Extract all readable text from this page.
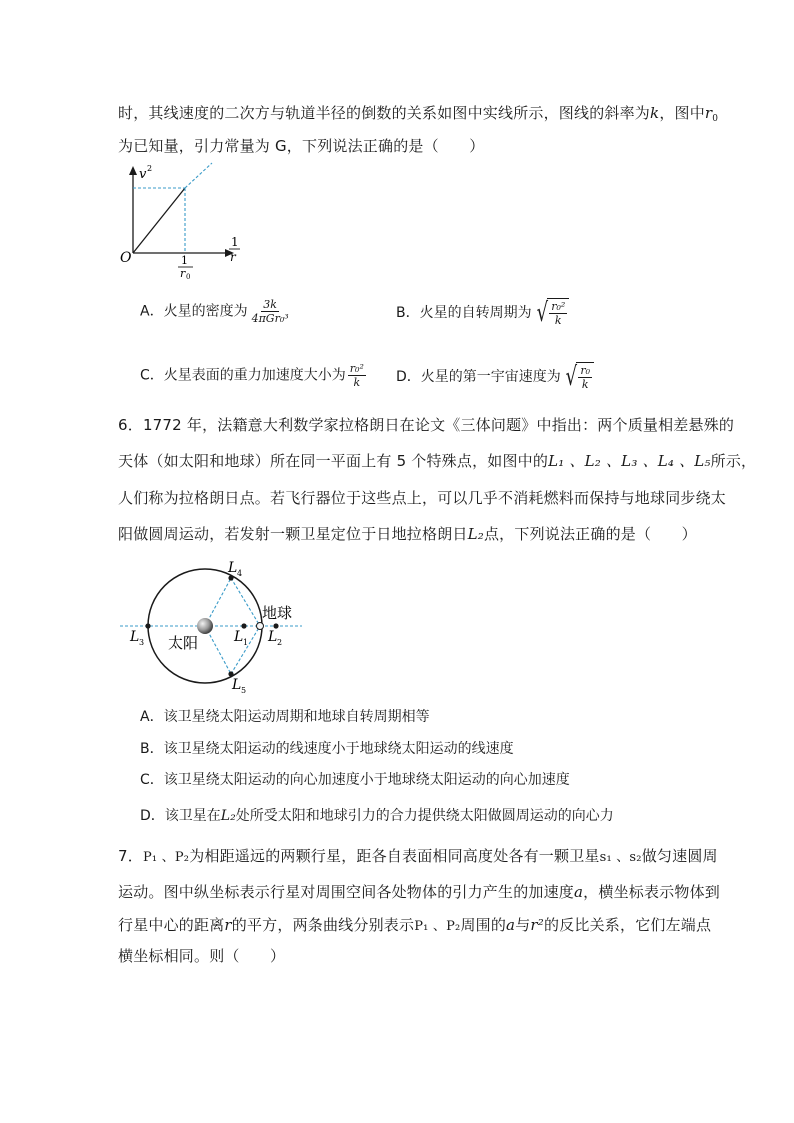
时，其线速度的二次方与轨道半径的倒数的关系如图中实线所示，图线的斜率为k，图中$r_0$
为已知量，引力常量为 G，下列说法正确的是（　　）
v 2
O
1
r
1
r 0
A．火星的密度为 $\frac{3k}{\text{4πGr₀³}}$	B．火星的自转周期为 √ $\frac{\text{r₀²}}{k}$
C．火星表面的重力加速度大小为 $\frac{\text{r₀²}}{k}$ D．火星的第一宇宙速度为 √ $\frac{\text{r₀}}{k}$
6．1772 年，法籍意大利数学家拉格朗日在论文《三体问题》中指出：两个质量相差悬殊的
天体（如太阳和地球）所在同一平面上有 5 个特殊点，如图中的L₁ 、L₂ 、L₃ 、L₄ 、L₅所示，
人们称为拉格朗日点。若飞行器位于这些点上，可以几乎不消耗燃料而保持与地球同步绕太
阳做圆周运动，若发射一颗卫星定位于日地拉格朗日L₂点，下列说法正确的是（　　）
太阳
地球
L 1 L 2
L 3
L 4
L 5
A．该卫星绕太阳运动周期和地球自转周期相等
B．该卫星绕太阳运动的线速度小于地球绕太阳运动的线速度
C．该卫星绕太阳运动的向心加速度小于地球绕太阳运动的向心加速度
D．该卫星在L₂处所受太阳和地球引力的合力提供绕太阳做圆周运动的向心力
7．P₁ 、P₂为相距遥远的两颗行星，距各自表面相同高度处各有一颗卫星s₁ 、s₂做匀速圆周
运动。图中纵坐标表示行星对周围空间各处物体的引力产生的加速度a，横坐标表示物体到
行星中心的距离r的平方，两条曲线分别表示P₁ 、P₂周围的a与r²的反比关系，它们左端点
横坐标相同。则（　　）
